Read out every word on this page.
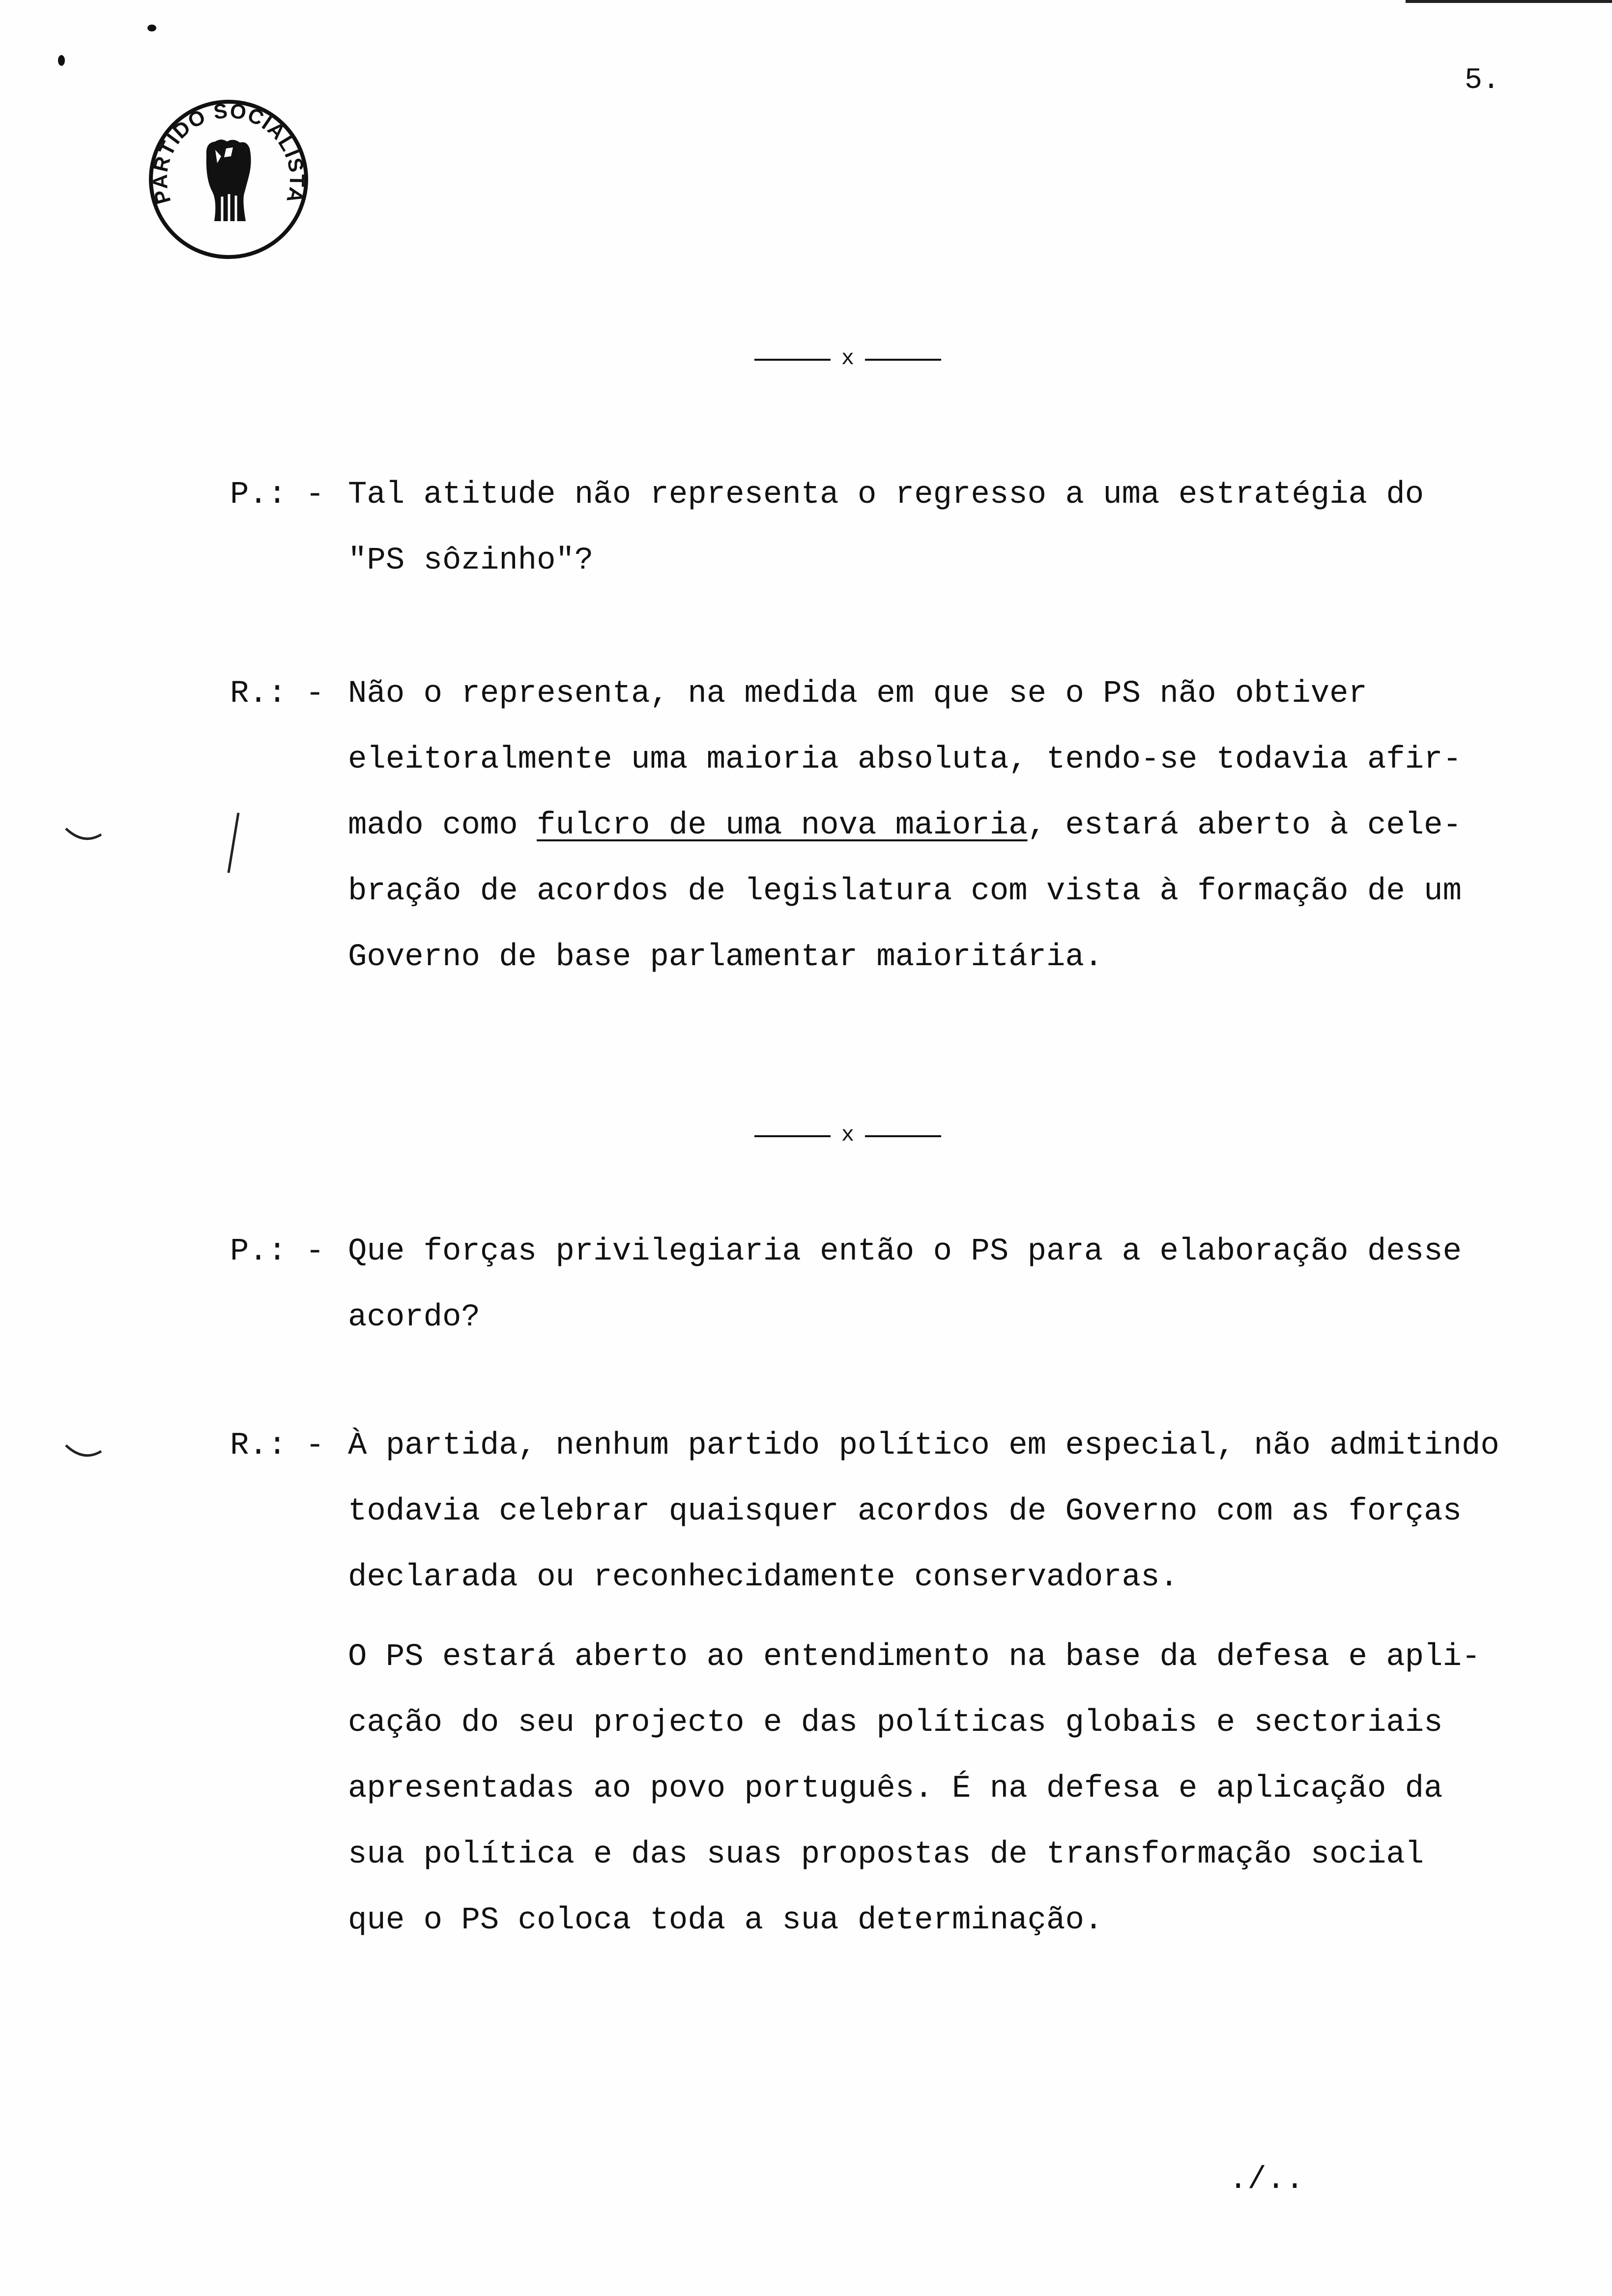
5.
PARTIDO SOCIALISTA
x
P.: - Tal atitude não representa o regresso a uma estratégia do
"PS sôzinho"?
R.: - Não o representa, na medida em que se o PS não obtiver
eleitoralmente uma maioria absoluta, tendo-se todavia afir-
mado como fulcro de uma nova maioria, estará aberto à cele-
bração de acordos de legislatura com vista à formação de um
Governo de base parlamentar maioritária.
x
P.: - Que forças privilegiaria então o PS para a elaboração desse
acordo?
R.: - À partida, nenhum partido político em especial, não admitindo
todavia celebrar quaisquer acordos de Governo com as forças
declarada ou reconhecidamente conservadoras.
O PS estará aberto ao entendimento na base da defesa e apli-
cação do seu projecto e das políticas globais e sectoriais
apresentadas ao povo português. É na defesa e aplicação da
sua política e das suas propostas de transformação social
que o PS coloca toda a sua determinação.
./..
